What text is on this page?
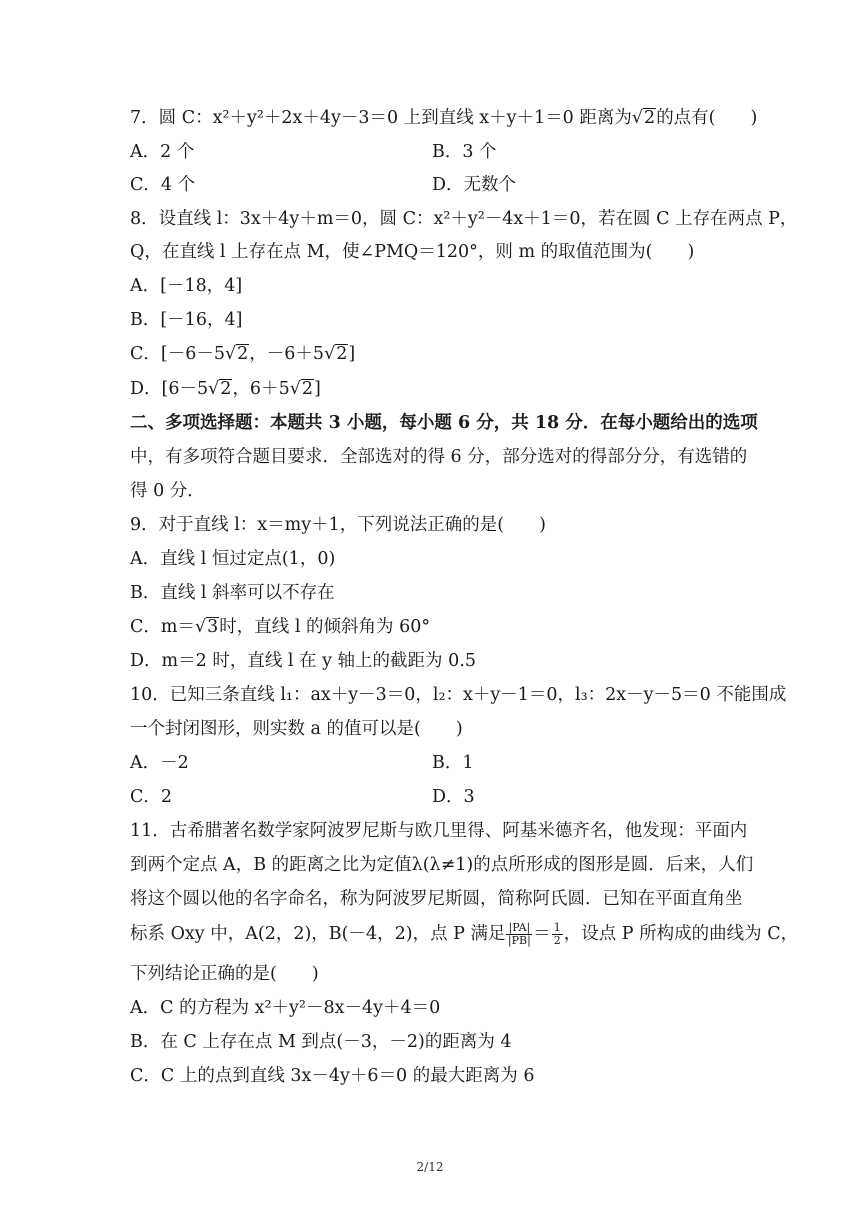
7．圆 C：x²＋y²＋2x＋4y－3＝0 上到直线 x＋y＋1＝0 距离为√2的点有(　　)
A．2 个	B．3 个
C．4 个	D．无数个
8．设直线 l：3x＋4y＋m＝0，圆 C：x²＋y²－4x＋1＝0，若在圆 C 上存在两点 P，
Q，在直线 l 上存在点 M，使∠PMQ＝120°，则 m 的取值范围为(　　)
A．[－18，4]
B．[－16，4]
C．[－6－5√2，－6＋5√2]
D．[6－5√2，6＋5√2]
二、多项选择题：本题共 3 小题，每小题 6 分，共 18 分．在每小题给出的选项
中，有多项符合题目要求．全部选对的得 6 分，部分选对的得部分分，有选错的
得 0 分．
9．对于直线 l：x＝my＋1，下列说法正确的是(　　)
A．直线 l 恒过定点(1，0)
B．直线 l 斜率可以不存在
C．m＝√3时，直线 l 的倾斜角为 60°
D．m＝2 时，直线 l 在 y 轴上的截距为 0.5
10．已知三条直线 l₁：ax＋y－3＝0，l₂：x＋y－1＝0，l₃：2x－y－5＝0 不能围成
一个封闭图形，则实数 a 的值可以是(　　)
A．－2	B．1
C．2	D．3
11．古希腊著名数学家阿波罗尼斯与欧几里得、阿基米德齐名，他发现：平面内
到两个定点 A，B 的距离之比为定值λ(λ≠1)的点所形成的图形是圆．后来，人们
将这个圆以他的名字命名，称为阿波罗尼斯圆，简称阿氏圆．已知在平面直角坐
标系 Oxy 中，A(2，2)，B(－4，2)，点 P 满足 $\frac{|PA|}{|PB|} = \frac{1}{2}$ ，设点 P 所构成的曲线为 C，
下列结论正确的是(　　)
A．C 的方程为 x²＋y²－8x－4y＋4＝0
B．在 C 上存在点 M 到点(－3，－2)的距离为 4
C．C 上的点到直线 3x－4y＋6＝0 的最大距离为 6
2/12
